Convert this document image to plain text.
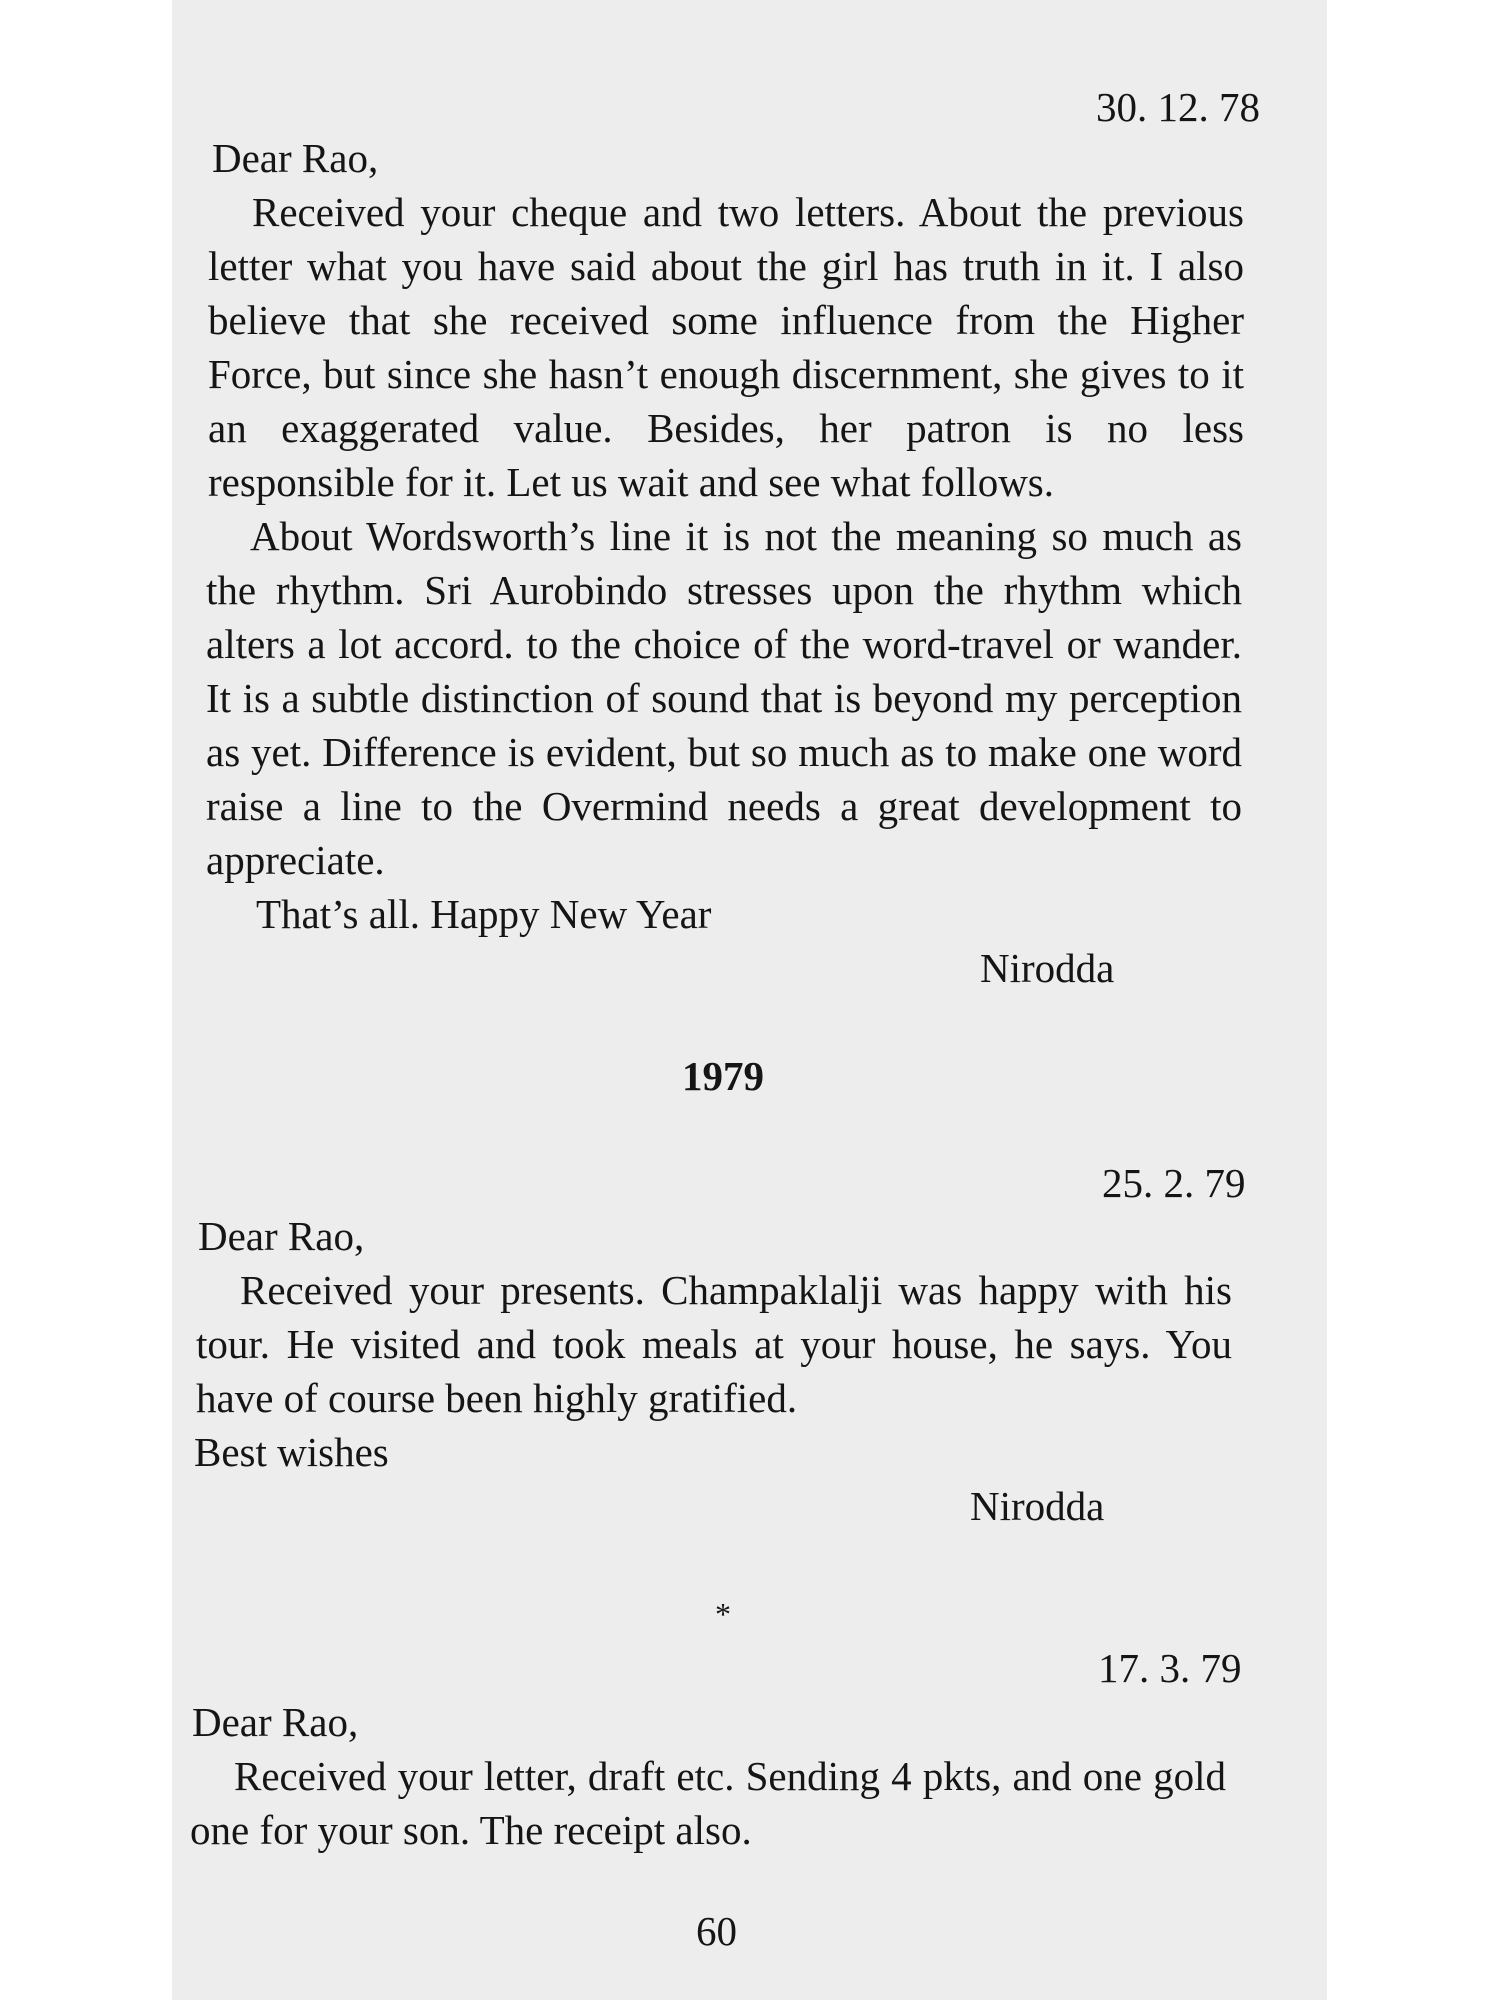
30. 12. 78
Dear Rao,
Received your cheque and two letters. About the previous letter what you have said about the girl has truth in it. I also believe that she received some influence from the Higher Force, but since she hasn’t enough discernment, she gives to it an exaggerated value. Besides, her patron is no less responsible for it. Let us wait and see what follows.
About Wordsworth’s line it is not the meaning so much as the rhythm. Sri Aurobindo stresses upon the rhythm which alters a lot accord. to the choice of the word-travel or wander. It is a subtle distinction of sound that is beyond my perception as yet. Difference is evident, but so much as to make one word raise a line to the Overmind needs a great development to appreciate.
That’s all. Happy New Year
Nirodda
1979
25. 2. 79
Dear Rao,
Received your presents. Champaklalji was happy with his tour. He visited and took meals at your house, he says. You have of course been highly gratified.
Best wishes
Nirodda
*
17. 3. 79
Dear Rao,
Received your letter, draft etc. Sending 4 pkts, and one gold one for your son. The receipt also.
60
